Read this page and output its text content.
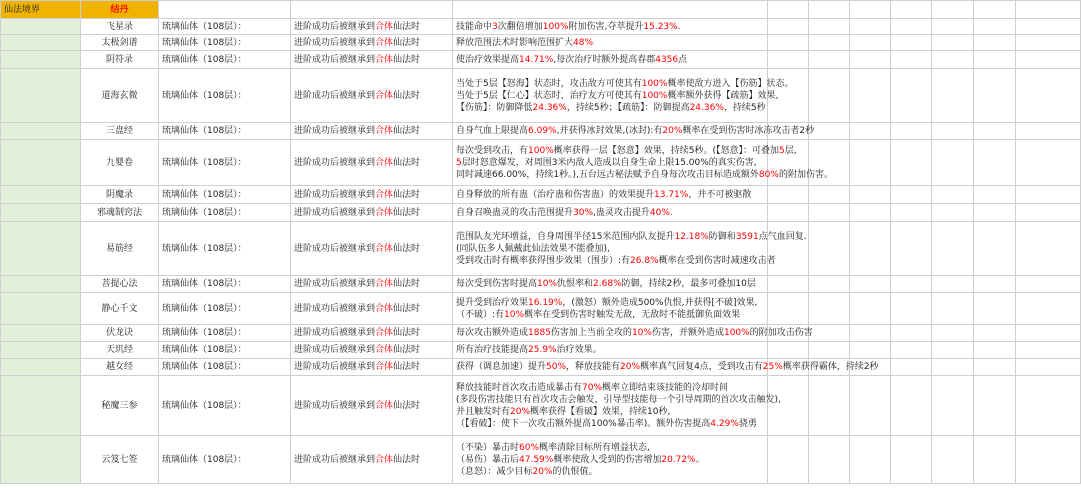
仙法境界	结丹										
	飞星录	琉璃仙体（108层）：	进阶成功后被继承到合体仙法时	技能命中3次翻倍增加100%附加伤害,夺萃提升15.23%.							

	太极剑谱	琉璃仙体（108层）：	进阶成功后被继承到合体仙法时	释放范围法术时影响范围扩大48%							

	阴符录	琉璃仙体（108层）：	进阶成功后被继承到合体仙法时	使治疗效果提高14.71%,每次治疗时额外提高春郡4356点							

	道海玄微	琉璃仙体（108层）：	进阶成功后被继承到合体仙法时	当处于5层【怒海】状态时，攻击敌方可使其有100%概率使敌方进入【伤筋】状态。
当处于5层【仁心】状态时，治疗友方可使其有100%概率额外获得【疏筋】效果，
【伤筋】：防御降低24.36%，持续5秒；【疏筋】：防御提高24.36%，持续5秒							

	三盘经	琉璃仙体（108层）：	进阶成功后被继承到合体仙法时	自身气血上限提高6.09%,并获得冰封效果,(冰封):有20%概率在受到伤害时冰冻攻击者2秒							

	九婴卷	琉璃仙体（108层）：	进阶成功后被继承到合体仙法时	每次受到攻击，有100%概率获得一层【怒意】效果，持续5秒。(【怒意】：可叠加5层,
5层时怒意爆发，对周围3米内敌人造成以自身生命上限15.00%的真实伤害,
同时减速66.00%，持续1秒。),五台远古秘法赋予自身每次攻击目标造成额外80%的附加伤害。							

	阴魔录	琉璃仙体（108层）：	进阶成功后被继承到合体仙法时	自身释放的所有蛊（治疗蛊和伤害蛊）的效果提升13.71%，并不可被驱散							

	邪魂制窍法	琉璃仙体（108层）：	进阶成功后被继承到合体仙法时	自身召唤蛊灵的攻击范围提升30%,蛊灵攻击提升40%.							

	易筋经	琉璃仙体（108层）：	进阶成功后被继承到合体仙法时	范围队友光环增益，自身周围半径15米范围内队友提升12.18%防御和3591点气血回复.
(同队伍多人佩戴此仙法效果不能叠加),
受到攻击时有概率获得围步效果（围步）:有26.8%概率在受到伤害时减速攻击者							

	菩提心法	琉璃仙体（108层）：	进阶成功后被继承到合体仙法时	每次受到伤害时提高10%仇恨率和2.68%防御，持续2秒，最多可叠加10层							

	静心千文	琉璃仙体（108层）：	进阶成功后被继承到合体仙法时	提升受到治疗效果16.19%，(激怒）额外造成500%仇恨,并获得[不破]效果,
（不破）:有10%概率在受到伤害时触发无敌，无敌时不能抵御负面效果							

	伏龙诀	琉璃仙体（108层）：	进阶成功后被继承到合体仙法时	每次攻击额外造成1885伤害加上当前全攻的10%伤害，并额外造成100%的附加攻击伤害							

	天玑经	琉璃仙体（108层）：	进阶成功后被继承到合体仙法时	所有治疗技能提高25.9%治疗效果。							

	越女经	琉璃仙体（108层）：	进阶成功后被继承到合体仙法时	获得（调息加速）提升50%，释放技能有20%概率真气回复4点，受到攻击有25%概率获得霸体，持续2秒							

	秘魔三参	琉璃仙体（108层）：	进阶成功后被继承到合体仙法时	释放技能时首次攻击造成暴击有70%概率立即结束该技能的冷却时间
(多段伤害技能只有首次攻击会触发，引导型技能每一个引导周期的首次攻击触发),
并且触发时有20%概率获得【看破】效果，持续10秒,
（【看破】：使下一次攻击额外提高100%暴击率)。额外伤害提高4.29%骁勇							

	云笈七签	琉璃仙体（108层）：	进阶成功后被继承到合体仙法时	（不染）暴击时60%概率清除目标所有增益状态,
（易伤）暴击后47.59%概率使敌人受到的伤害增加20.72%。
（息怒）：减少目标20%的仇恨值。							
